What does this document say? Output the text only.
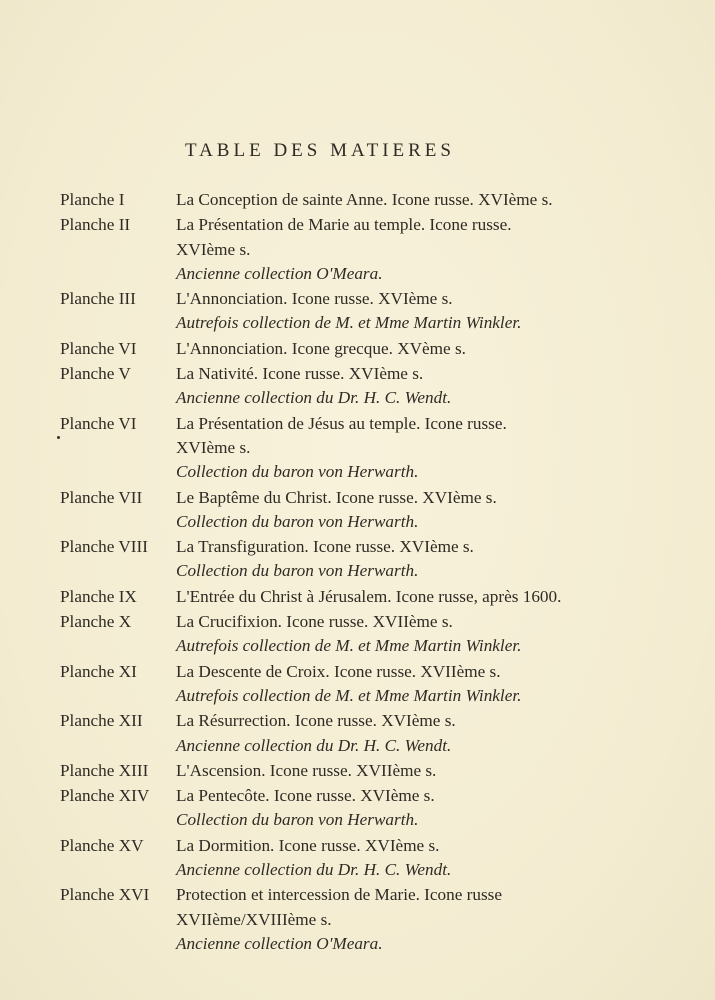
TABLE DES MATIERES
Planche I	La Conception de sainte Anne. Icone russe. XVIème s.
Planche II	La Présentation de Marie au temple. Icone russe.
XVIème s.
Ancienne collection O'Meara.
Planche III	L'Annonciation. Icone russe. XVIème s.
Autrefois collection de M. et Mme Martin Winkler.
Planche VI	L'Annonciation. Icone grecque. XVème s.
Planche V	La Nativité. Icone russe. XVIème s.
Ancienne collection du Dr. H. C. Wendt.
Planche VI	La Présentation de Jésus au temple. Icone russe.
XVIème s.
Collection du baron von Herwarth.
Planche VII	Le Baptême du Christ. Icone russe. XVIème s.
Collection du baron von Herwarth.
Planche VIII	La Transfiguration. Icone russe. XVIème s.
Collection du baron von Herwarth.
Planche IX	L'Entrée du Christ à Jérusalem. Icone russe, après 1600.
Planche X	La Crucifixion. Icone russe. XVIIème s.
Autrefois collection de M. et Mme Martin Winkler.
Planche XI	La Descente de Croix. Icone russe. XVIIème s.
Autrefois collection de M. et Mme Martin Winkler.
Planche XII	La Résurrection. Icone russe. XVIème s.
Ancienne collection du Dr. H. C. Wendt.
Planche XIII	L'Ascension. Icone russe. XVIIème s.
Planche XIV	La Pentecôte. Icone russe. XVIème s.
Collection du baron von Herwarth.
Planche XV	La Dormition. Icone russe. XVIème s.
Ancienne collection du Dr. H. C. Wendt.
Planche XVI	Protection et intercession de Marie. Icone russe
XVIIème/XVIIIème s.
Ancienne collection O'Meara.
